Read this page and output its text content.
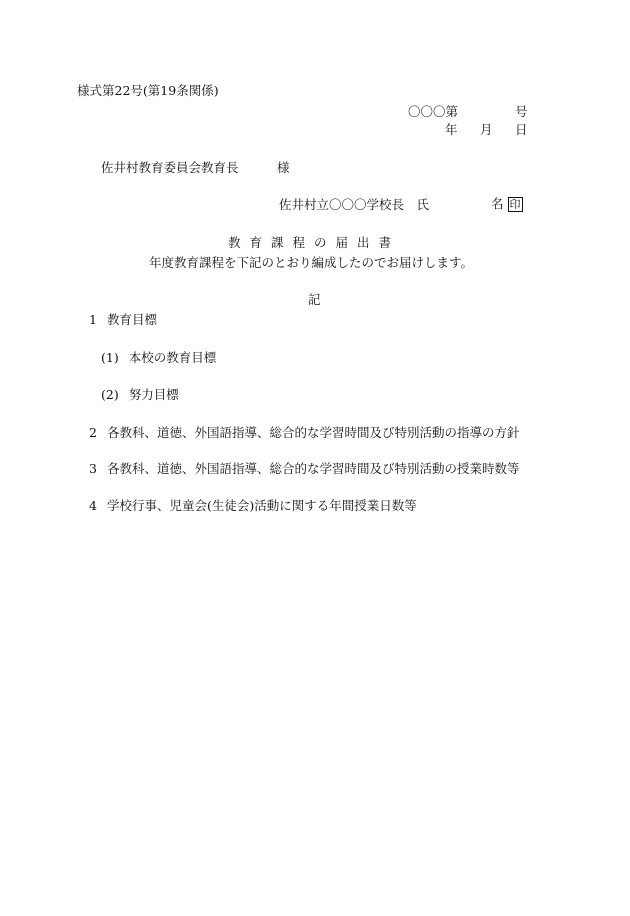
様式第22号(第19条関係)
〇〇〇第	号
年 月 日
佐井村教育委員会教育長	様
佐井村立〇〇〇学校長　氏	名 印
教育課程の届出書
年度教育課程を下記のとおり編成したのでお届けします。
記
1 教育目標
(1) 本校の教育目標
(2) 努力目標
2 各教科、道徳、外国語指導、総合的な学習時間及び特別活動の指導の方針
3 各教科、道徳、外国語指導、総合的な学習時間及び特別活動の授業時数等
4 学校行事、児童会(生徒会)活動に関する年間授業日数等
